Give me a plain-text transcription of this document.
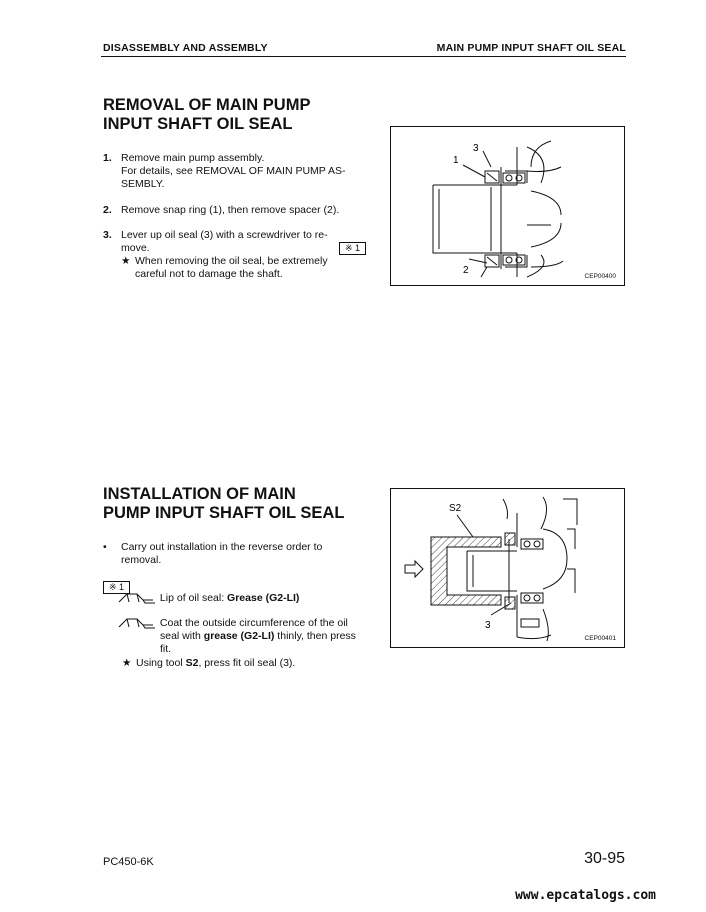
DISASSEMBLY AND ASSEMBLY	MAIN PUMP INPUT SHAFT OIL SEAL
REMOVAL OF MAIN PUMP
INPUT SHAFT OIL SEAL
1. Remove main pump assembly.
For details, see REMOVAL OF MAIN PUMP AS-
SEMBLY.
2. Remove snap ring (1), then remove spacer (2).
3. Lever up oil seal (3) with a screwdriver to re-
move.	※ 1
★ When removing the oil seal, be extremely
careful not to damage the shaft.
3
1
2
CEP00400
INSTALLATION OF MAIN
PUMP INPUT SHAFT OIL SEAL
• Carry out installation in the reverse order to
removal.
※ 1
Lip of oil seal: Grease (G2-LI)
Coat the outside circumference of the oil
seal with grease (G2-LI) thinly, then press
fit.
★ Using tool S2, press fit oil seal (3).
S2
3
CEP00401
PC450-6K	30-95
www.epcatalogs.com
